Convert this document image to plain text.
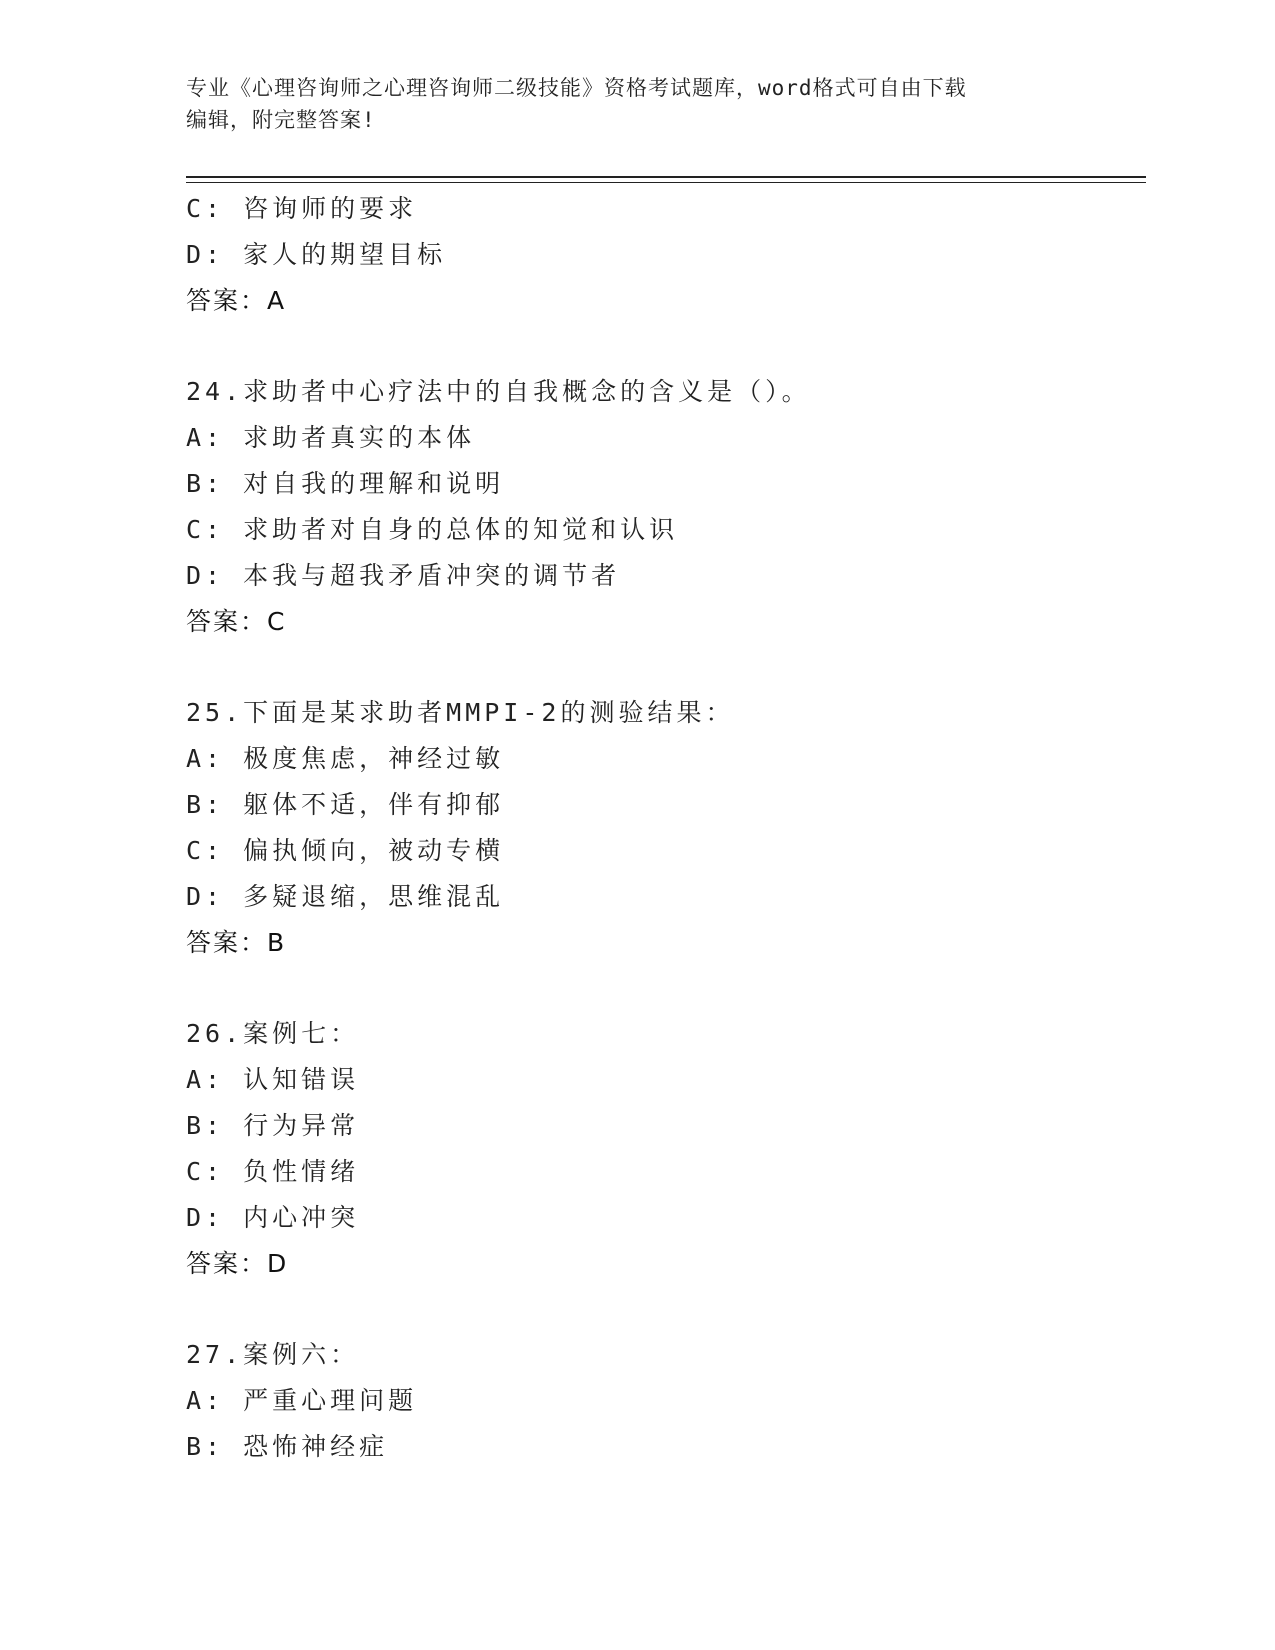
专业《心理咨询师之心理咨询师二级技能》资格考试题库，word格式可自由下载
编辑，附完整答案!
C: 咨询师的要求
D: 家人的期望目标
答案：A
24.求助者中心疗法中的自我概念的含义是（）。
A: 求助者真实的本体
B: 对自我的理解和说明
C: 求助者对自身的总体的知觉和认识
D: 本我与超我矛盾冲突的调节者
答案：C
25.下面是某求助者MMPI-2的测验结果：
A: 极度焦虑，神经过敏
B: 躯体不适，伴有抑郁
C: 偏执倾向，被动专横
D: 多疑退缩，思维混乱
答案：B
26.案例七：
A: 认知错误
B: 行为异常
C: 负性情绪
D: 内心冲突
答案：D
27.案例六：
A: 严重心理问题
B: 恐怖神经症
